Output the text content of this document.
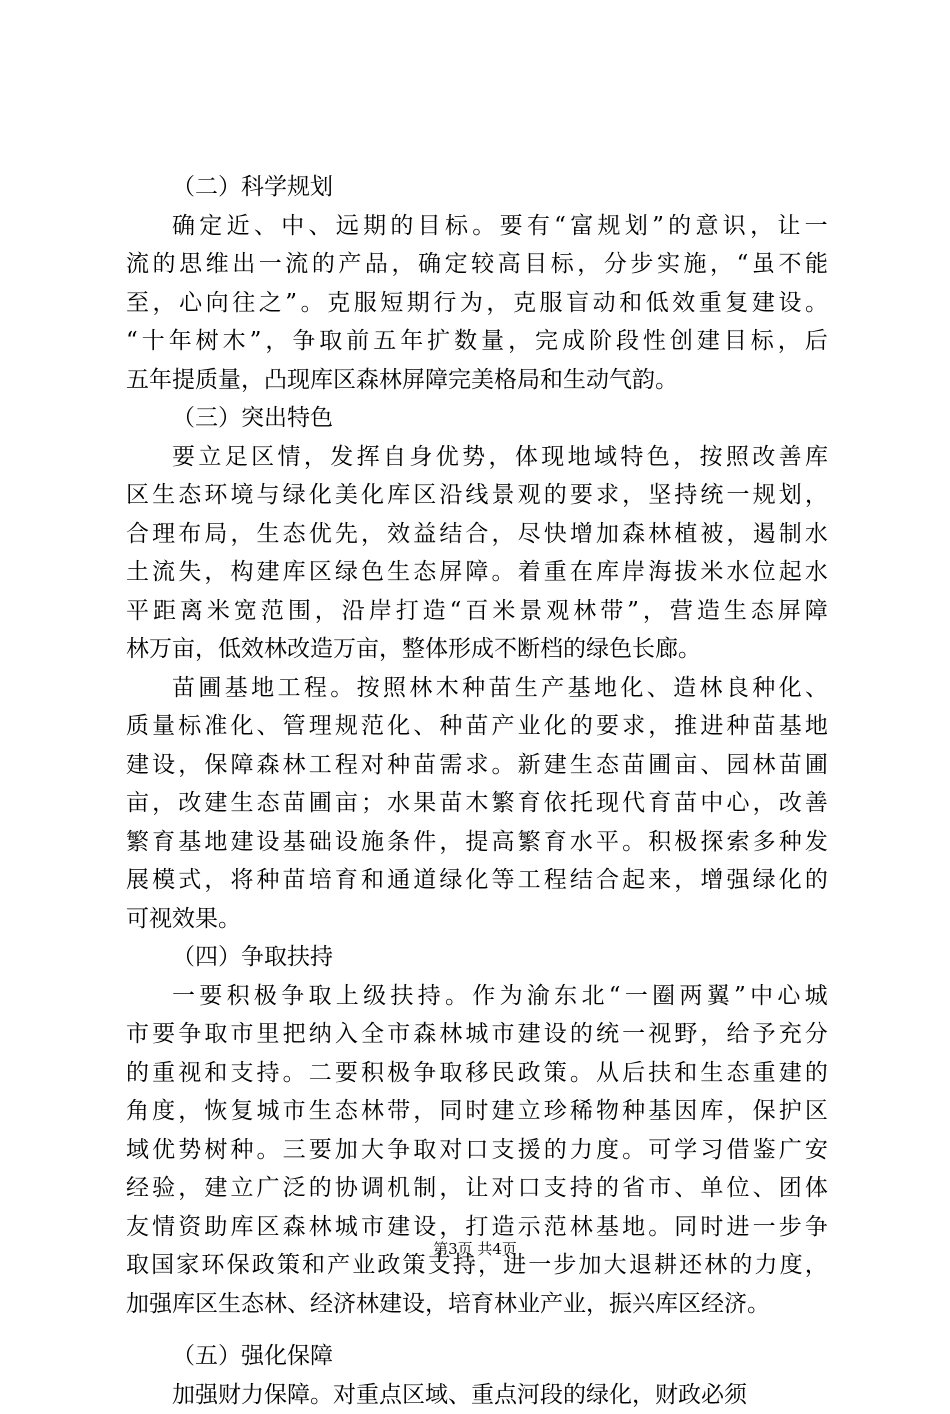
（二）科学规划
确 定 近 、 中 、 远 期 的 目 标 。 要 有 “ 富 规 划 ” 的 意 识 ， 让 一
流 的 思 维 出 一 流 的 产 品 ， 确 定 较 高 目 标 ， 分 步 实 施 ， “ 虽 不 能
至 ， 心 向 往 之 ” 。 克 服 短 期 行 为 ， 克 服 盲 动 和 低 效 重 复 建 设 。
“ 十 年 树 木 ” ， 争 取 前 五 年 扩 数 量 ， 完 成 阶 段 性 创 建 目 标 ， 后
五年提质量，凸现库区森林屏障完美格局和生动气韵。
（三）突出特色
要 立 足 区 情 ， 发 挥 自 身 优 势 ， 体 现 地 域 特 色 ， 按 照 改 善 库
区 生 态 环 境 与 绿 化 美 化 库 区 沿 线 景 观 的 要 求 ， 坚 持 统 一 规 划 ，
合 理 布 局 ， 生 态 优 先 ， 效 益 结 合 ， 尽 快 增 加 森 林 植 被 ， 遏 制 水
土 流 失 ， 构 建 库 区 绿 色 生 态 屏 障 。 着 重 在 库 岸 海 拔 米 水 位 起 水
平 距 离 米 宽 范 围 ， 沿 岸 打 造 “ 百 米 景 观 林 带 ” ， 营 造 生 态 屏 障
林万亩，低效林改造万亩，整体形成不断档的绿色长廊。
苗 圃 基 地 工 程 。 按 照 林 木 种 苗 生 产 基 地 化 、 造 林 良 种 化 、
质 量 标 准 化 、 管 理 规 范 化 、 种 苗 产 业 化 的 要 求 ， 推 进 种 苗 基 地
建 设 ， 保 障 森 林 工 程 对 种 苗 需 求 。 新 建 生 态 苗 圃 亩 、 园 林 苗 圃
亩 ， 改 建 生 态 苗 圃 亩 ； 水 果 苗 木 繁 育 依 托 现 代 育 苗 中 心 ， 改 善
繁 育 基 地 建 设 基 础 设 施 条 件 ， 提 高 繁 育 水 平 。 积 极 探 索 多 种 发
展 模 式 ， 将 种 苗 培 育 和 通 道 绿 化 等 工 程 结 合 起 来 ， 增 强 绿 化 的
可视效果。
（四）争取扶持
一 要 积 极 争 取 上 级 扶 持 。 作 为 渝 东 北 “ 一 圈 两 翼 ” 中 心 城
市 要 争 取 市 里 把 纳 入 全 市 森 林 城 市 建 设 的 统 一 视 野 ， 给 予 充 分
的 重 视 和 支 持 。 二 要 积 极 争 取 移 民 政 策 。 从 后 扶 和 生 态 重 建 的
角 度 ， 恢 复 城 市 生 态 林 带 ， 同 时 建 立 珍 稀 物 种 基 因 库 ， 保 护 区
域 优 势 树 种 。 三 要 加 大 争 取 对 口 支 援 的 力 度 。 可 学 习 借 鉴 广 安
经 验 ， 建 立 广 泛 的 协 调 机 制 ， 让 对 口 支 持 的 省 市 、 单 位 、 团 体
友 情 资 助 库 区 森 林 城 市 建 设 ， 打 造 示 范 林 基 地 。 同 时 进 一 步 争
取 国 家 环 保 政 策 和 产 业 政 策 支 持 ， 进 一 步 加 大 退 耕 还 林 的 力 度 ，
加强库区生态林、经济林建设，培育林业产业，振兴库区经济。
（五）强化保障
加强财力保障。对重点区域、重点河段的绿化，财政必须
第3页 共4页
